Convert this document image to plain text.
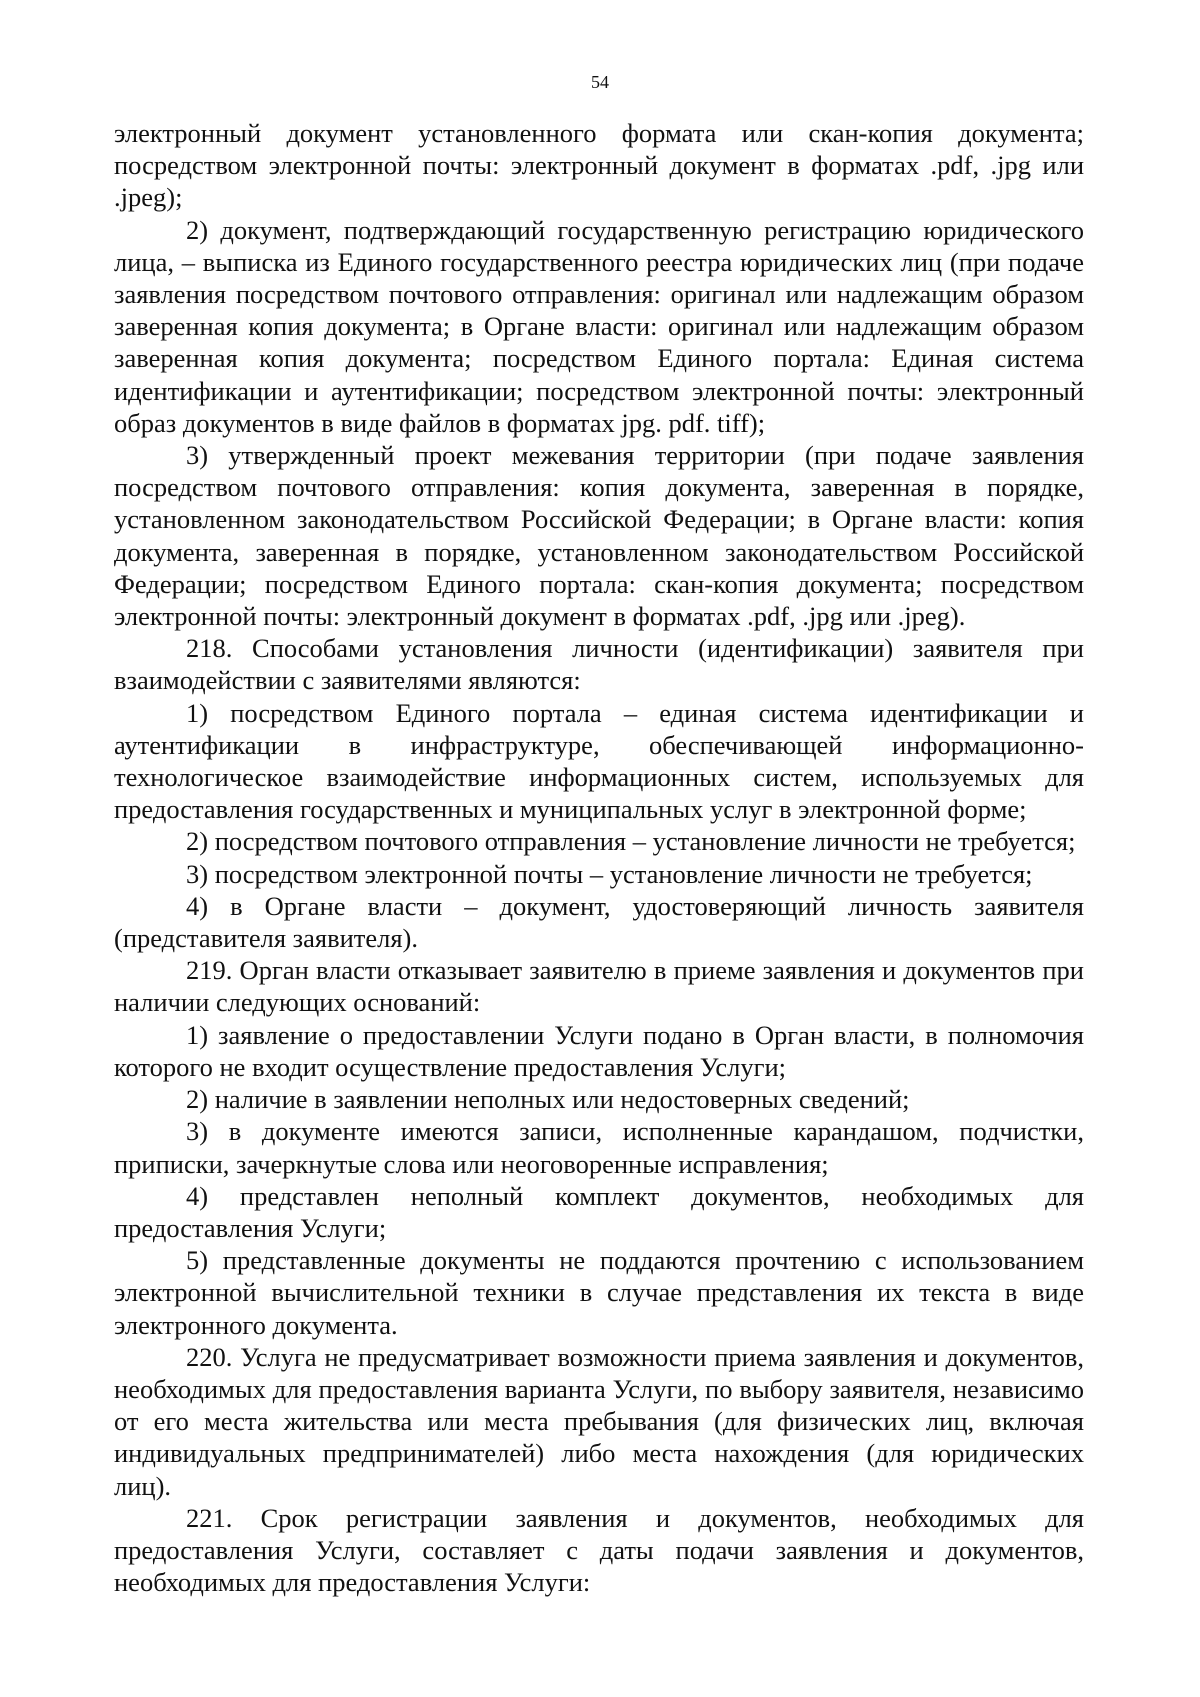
54

электронный документ установленного формата или скан-копия документа; посредством электронной почты: электронный документ в форматах .pdf, .jpg или .jpeg);

2) документ, подтверждающий государственную регистрацию юридического лица, – выписка из Единого государственного реестра юридических лиц (при подаче заявления посредством почтового отправления: оригинал или надлежащим образом заверенная копия документа; в Органе власти: оригинал или надлежащим образом заверенная копия документа; посредством Единого портала: Единая система идентификации и аутентификации; посредством электронной почты: электронный образ документов в виде файлов в форматах jpg. pdf. tiff);

3) утвержденный проект межевания территории (при подаче заявления посредством почтового отправления: копия документа, заверенная в порядке, установленном законодательством Российской Федерации; в Органе власти: копия документа, заверенная в порядке, установленном законодательством Российской Федерации; посредством Единого портала: скан-копия документа; посредством электронной почты: электронный документ в форматах .pdf, .jpg или .jpeg).

218. Способами установления личности (идентификации) заявителя при взаимодействии с заявителями являются:

1) посредством Единого портала – единая система идентификации и аутентификации в инфраструктуре, обеспечивающей информационно-технологическое взаимодействие информационных систем, используемых для предоставления государственных и муниципальных услуг в электронной форме;

2) посредством почтового отправления – установление личности не требуется;

3) посредством электронной почты – установление личности не требуется;

4) в Органе власти – документ, удостоверяющий личность заявителя (представителя заявителя).

219. Орган власти отказывает заявителю в приеме заявления и документов при наличии следующих оснований:

1) заявление о предоставлении Услуги подано в Орган власти, в полномочия которого не входит осуществление предоставления Услуги;

2) наличие в заявлении неполных или недостоверных сведений;

3) в документе имеются записи, исполненные карандашом, подчистки, приписки, зачеркнутые слова или неоговоренные исправления;

4) представлен неполный комплект документов, необходимых для предоставления Услуги;

5) представленные документы не поддаются прочтению с использованием электронной вычислительной техники в случае представления их текста в виде электронного документа.

220. Услуга не предусматривает возможности приема заявления и документов, необходимых для предоставления варианта Услуги, по выбору заявителя, независимо от его места жительства или места пребывания (для физических лиц, включая индивидуальных предпринимателей) либо места нахождения (для юридических лиц).

221. Срок регистрации заявления и документов, необходимых для предоставления Услуги, составляет с даты подачи заявления и документов, необходимых для предоставления Услуги:
